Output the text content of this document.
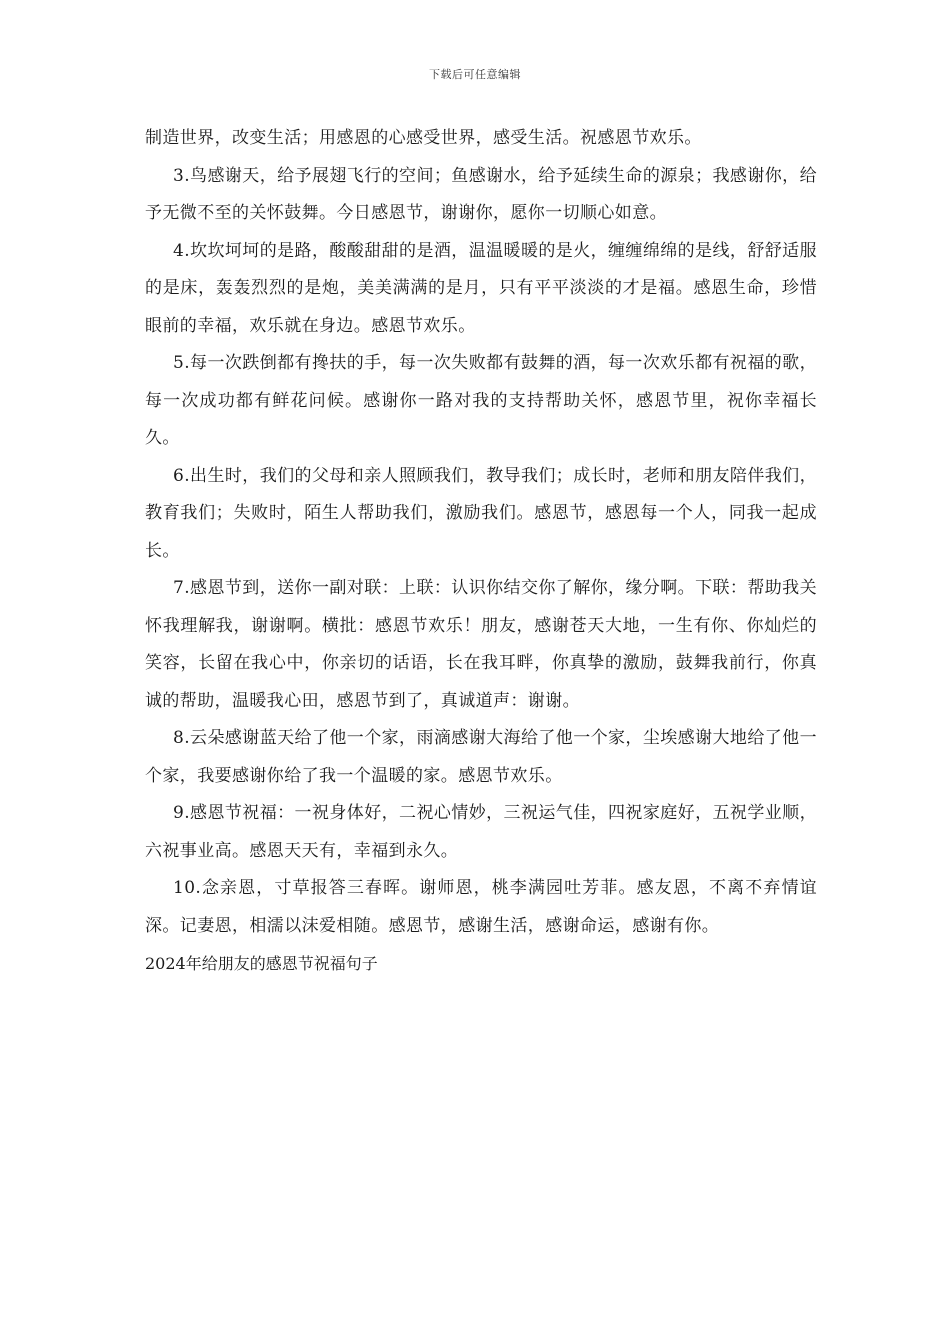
下载后可任意编辑

制造世界，改变生活；用感恩的心感受世界，感受生活。祝感恩节欢乐。

3.鸟感谢天，给予展翅飞行的空间；鱼感谢水，给予延续生命的源泉；我感谢你，给予无微不至的关怀鼓舞。今日感恩节，谢谢你，愿你一切顺心如意。

4.坎坎坷坷的是路，酸酸甜甜的是酒，温温暖暖的是火，缠缠绵绵的是线，舒舒适服的是床，轰轰烈烈的是炮，美美满满的是月，只有平平淡淡的才是福。感恩生命，珍惜眼前的幸福，欢乐就在身边。感恩节欢乐。

5.每一次跌倒都有搀扶的手，每一次失败都有鼓舞的酒，每一次欢乐都有祝福的歌，每一次成功都有鲜花问候。感谢你一路对我的支持帮助关怀，感恩节里，祝你幸福长久。

6.出生时，我们的父母和亲人照顾我们，教导我们；成长时，老师和朋友陪伴我们，教育我们；失败时，陌生人帮助我们，激励我们。感恩节，感恩每一个人，同我一起成长。

7.感恩节到，送你一副对联：上联：认识你结交你了解你，缘分啊。下联：帮助我关怀我理解我，谢谢啊。横批：感恩节欢乐！朋友，感谢苍天大地，一生有你、你灿烂的笑容，长留在我心中，你亲切的话语，长在我耳畔，你真挚的激励，鼓舞我前行，你真诚的帮助，温暖我心田，感恩节到了，真诚道声：谢谢。

8.云朵感谢蓝天给了他一个家，雨滴感谢大海给了他一个家，尘埃感谢大地给了他一个家，我要感谢你给了我一个温暖的家。感恩节欢乐。

9.感恩节祝福：一祝身体好，二祝心情妙，三祝运气佳，四祝家庭好，五祝学业顺，六祝事业高。感恩天天有，幸福到永久。

10.念亲恩，寸草报答三春晖。谢师恩，桃李满园吐芳菲。感友恩，不离不弃情谊深。记妻恩，相濡以沫爱相随。感恩节，感谢生活，感谢命运，感谢有你。

2024年给朋友的感恩节祝福句子
